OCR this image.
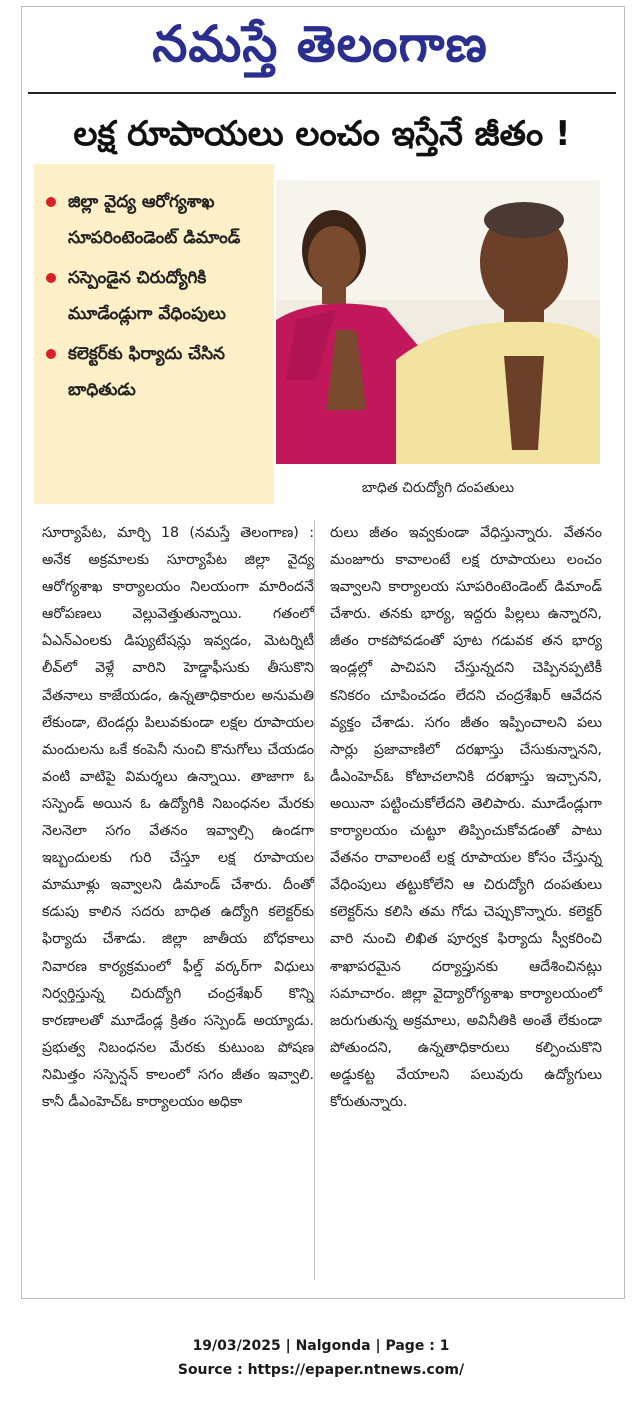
నమస్తే తెలంగాణ
లక్ష రూపాయలు లంచం ఇస్తేనే జీతం !
జిల్లా వైద్య ఆరోగ్యశాఖ సూపరింటెండెంట్ డిమాండ్
సస్పెండైన చిరుద్యోగికి మూడేండ్లుగా వేధింపులు
కలెక్టర్‌కు ఫిర్యాదు చేసిన బాధితుడు
బాధిత చిరుద్యోగి దంపతులు
సూర్యాపేట, మార్చి 18 (నమస్తే తెలంగాణ) : అనేక అక్రమాలకు సూర్యాపేట జిల్లా వైద్య ఆరోగ్యశాఖ కార్యాలయం నిలయంగా మారిందనే ఆరోపణలు వెల్లువెత్తుతున్నాయి. గతంలో ఏఎన్ఎంలకు డిప్యుటేషన్లు ఇవ్వడం, మెటర్నిటీ లీవ్‌లో వెళ్లే వారిని హెడ్డాఫీసుకు తీసుకొని వేతనాలు కాజేయడం, ఉన్నతాధికారుల అనుమతి లేకుండా, టెండర్లు పిలువకుండా లక్షల రూపాయల మందులను ఒకే కంపెనీ నుంచి కొనుగోలు చేయడం వంటి వాటిపై విమర్శలు ఉన్నాయి. తాజాగా ఓ సస్పెండ్ అయిన ఓ ఉద్యోగికి నిబంధనల మేరకు నెలనెలా సగం వేతనం ఇవ్వాల్సి ఉండగా ఇబ్బందులకు గురి చేస్తూ లక్ష రూపాయల మామూళ్లు ఇవ్వాలని డిమాండ్ చేశారు. దీంతో కడుపు కాలిన సదరు బాధిత ఉద్యోగి కలెక్టర్‌కు ఫిర్యాదు చేశాడు. జిల్లా జాతీయ బోధకాలు నివారణ కార్యక్రమంలో ఫీల్డ్ వర్కర్‌గా విధులు నిర్వర్తిస్తున్న చిరుద్యోగి చంద్రశేఖర్ కొన్ని కారణాలతో మూడేండ్ల క్రితం సస్పెండ్ అయ్యాడు. ప్రభుత్వ నిబంధనల మేరకు కుటుంబ పోషణ నిమిత్తం సస్పెన్షన్ కాలంలో సగం జీతం ఇవ్వాలి. కానీ డీఎంహెచ్‌ఓ కార్యాలయం అధికా
రులు జీతం ఇవ్వకుండా వేధిస్తున్నారు. వేతనం మంజూరు కావాలంటే లక్ష రూపాయలు లంచం ఇవ్వాలని కార్యాలయ సూపరింటెండెంట్ డిమాండ్ చేశారు. తనకు భార్య, ఇద్దరు పిల్లలు ఉన్నారని, జీతం రాకపోవడంతో పూట గడువక తన భార్య ఇండ్లల్లో పాచిపని చేస్తున్నదని చెప్పినప్పటికీ కనికరం చూపించడం లేదని చంద్రశేఖర్ ఆవేదన వ్యక్తం చేశాడు. సగం జీతం ఇప్పించాలని పలు సార్లు ప్రజావాణిలో దరఖాస్తు చేసుకున్నానని, డీఎంహెచ్‌ఓ కోటాచలానికి దరఖాస్తు ఇచ్చానని, అయినా పట్టించుకోలేదని తెలిపారు. మూడేండ్లుగా కార్యాలయం చుట్టూ తిప్పించుకోవడంతో పాటు వేతనం రావాలంటే లక్ష రూపాయల కోసం చేస్తున్న వేధింపులు తట్టుకోలేని ఆ చిరుద్యోగి దంపతులు కలెక్టర్‌ను కలిసి తమ గోడు చెప్పుకొన్నారు. కలెక్టర్ వారి నుంచి లిఖిత పూర్వక ఫిర్యాదు స్వీకరించి శాఖాపరమైన దర్యాప్తునకు ఆదేశించినట్లు సమాచారం. జిల్లా వైద్యారోగ్యశాఖ కార్యాలయంలో జరుగుతున్న అక్రమాలు, అవినీతికి అంతే లేకుండా పోతుందని, ఉన్నతాధికారులు కల్పించుకొని అడ్డుకట్ట వేయాలని పలువురు ఉద్యోగులు కోరుతున్నారు.
19/03/2025 | Nalgonda | Page : 1
Source : https://epaper.ntnews.com/
